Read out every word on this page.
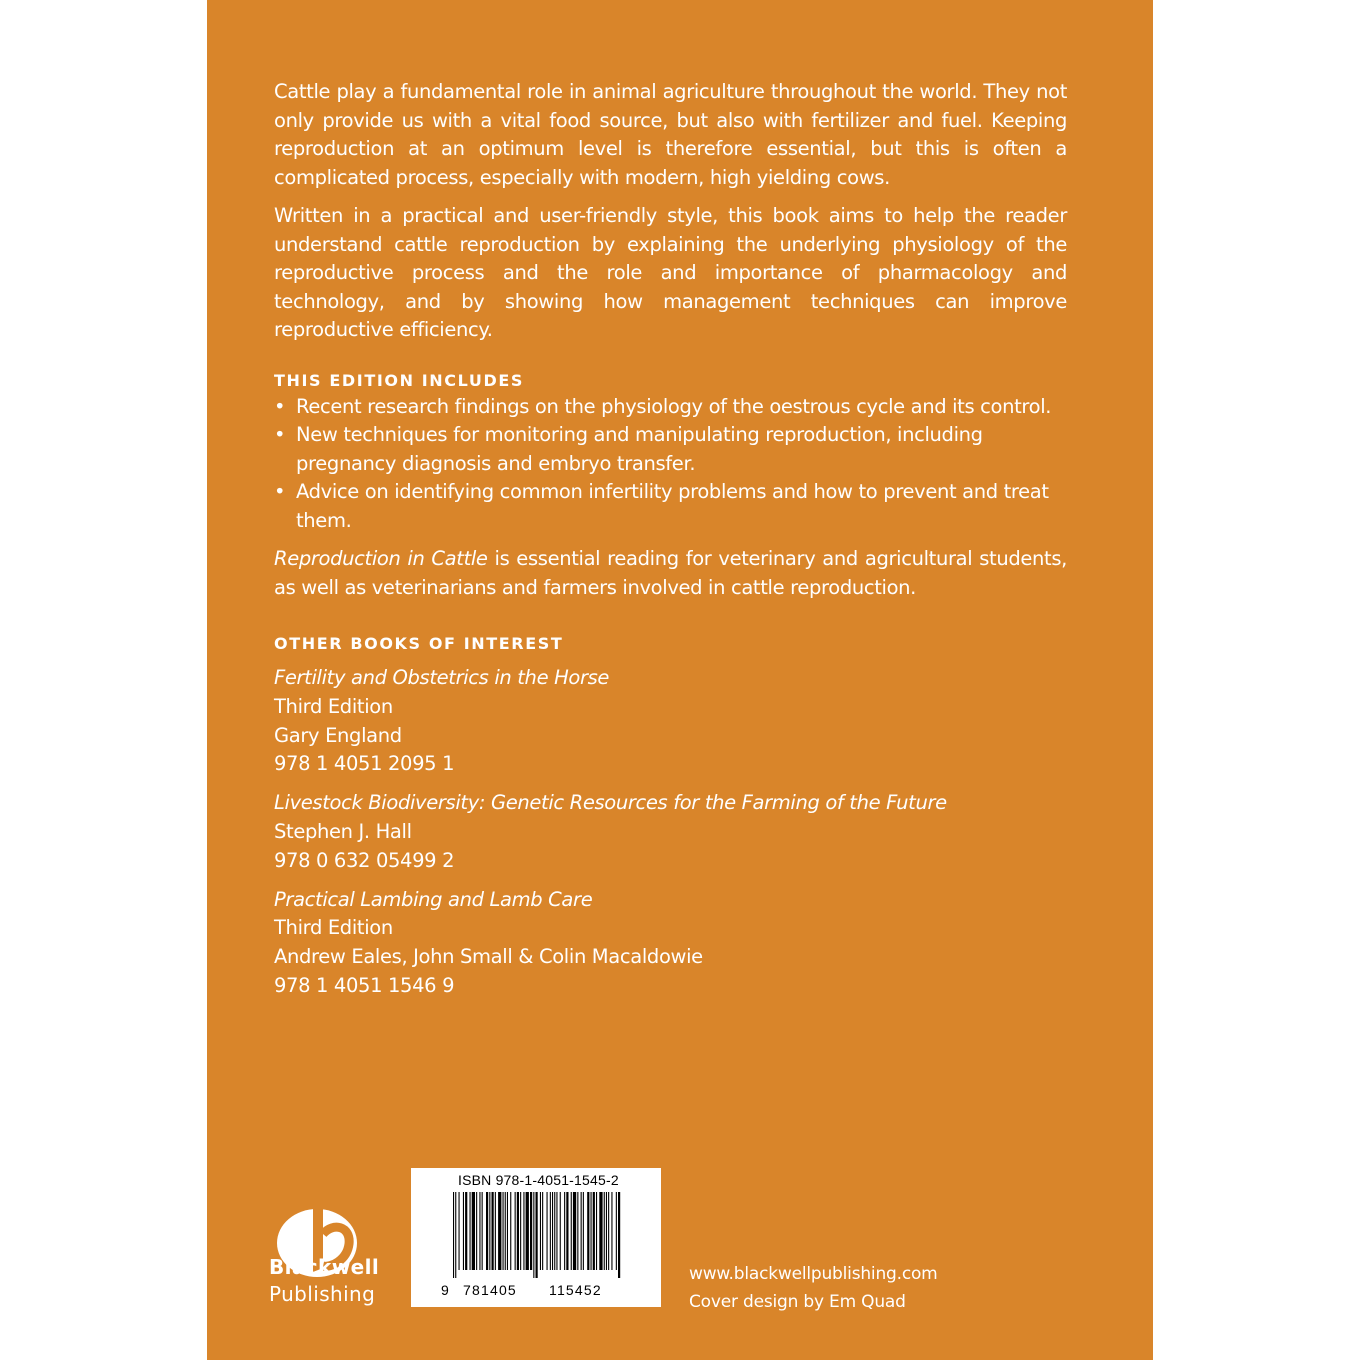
Cattle play a fundamental role in animal agriculture throughout the world. They not only provide us with a vital food source, but also with fertilizer and fuel. Keeping reproduction at an optimum level is therefore essential, but this is often a complicated process, especially with modern, high yielding cows.

Written in a practical and user-friendly style, this book aims to help the reader understand cattle reproduction by explaining the underlying physiology of the reproductive process and the role and importance of pharmacology and technology, and by showing how management techniques can improve reproductive efficiency.

THIS EDITION INCLUDES
• Recent research findings on the physiology of the oestrous cycle and its control.
• New techniques for monitoring and manipulating reproduction, including pregnancy diagnosis and embryo transfer.
• Advice on identifying common infertility problems and how to prevent and treat them.

Reproduction in Cattle is essential reading for veterinary and agricultural students, as well as veterinarians and farmers involved in cattle reproduction.

OTHER BOOKS OF INTEREST
Fertility and Obstetrics in the Horse
Third Edition
Gary England
978 1 4051 2095 1
Livestock Biodiversity: Genetic Resources for the Farming of the Future
Stephen J. Hall
978 0 632 05499 2
Practical Lambing and Lamb Care
Third Edition
Andrew Eales, John Small & Colin Macaldowie
978 1 4051 1546 9
Blackwell
Publishing
ISBN 978-1-4051-1545-2
9 781405 115452
www.blackwellpublishing.com
Cover design by Em Quad
